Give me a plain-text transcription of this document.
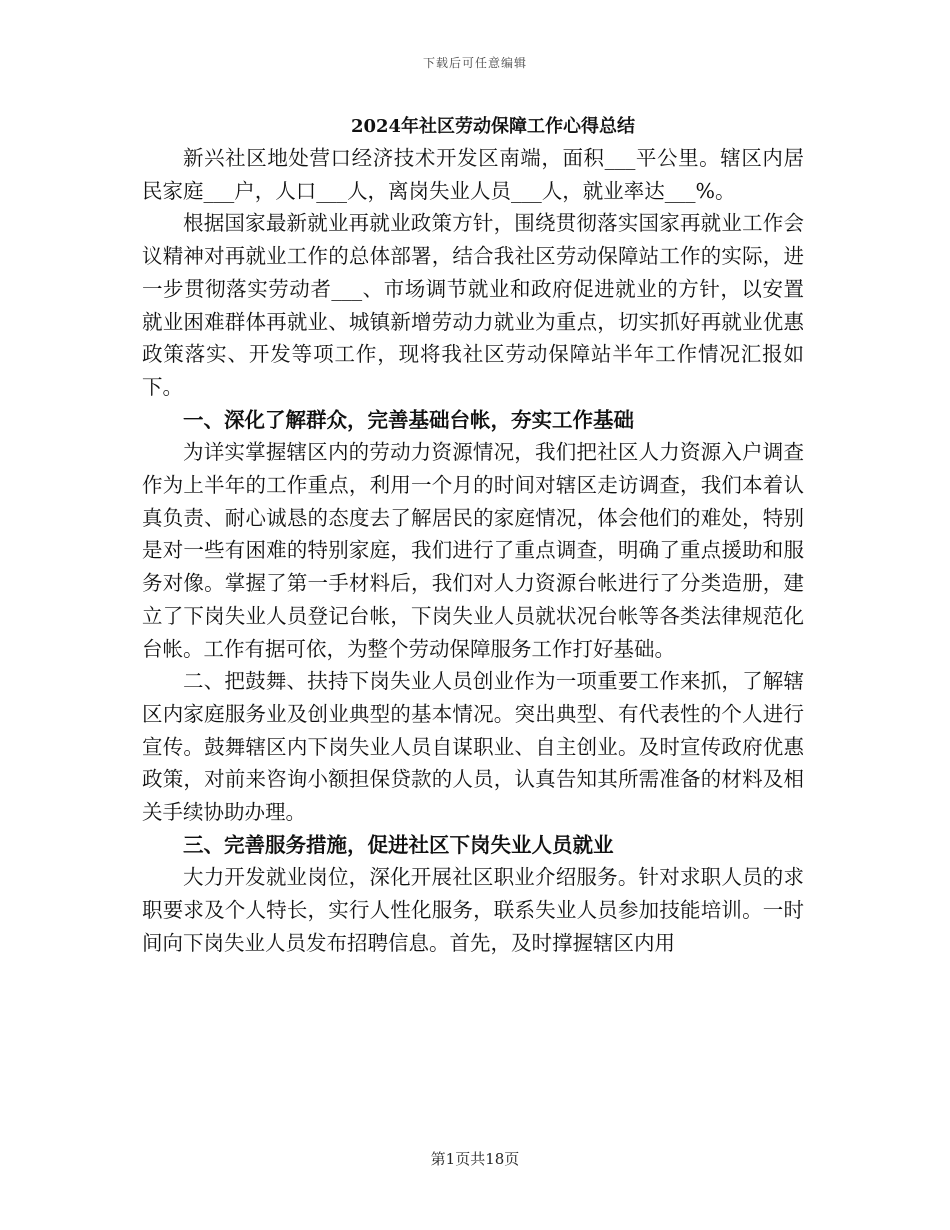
下载后可任意编辑
2024年社区劳动保障工作心得总结

新兴社区地处营口经济技术开发区南端，面积___平公里。辖区内居民家庭___户，人口___人，离岗失业人员___人，就业率达___%。

根据国家最新就业再就业政策方针，围绕贯彻落实国家再就业工作会议精神对再就业工作的总体部署，结合我社区劳动保障站工作的实际，进一步贯彻落实劳动者___、市场调节就业和政府促进就业的方针，以安置就业困难群体再就业、城镇新增劳动力就业为重点，切实抓好再就业优惠政策落实、开发等项工作，现将我社区劳动保障站半年工作情况汇报如下。

一、深化了解群众，完善基础台帐，夯实工作基础

为详实掌握辖区内的劳动力资源情况，我们把社区人力资源入户调查作为上半年的工作重点，利用一个月的时间对辖区走访调查，我们本着认真负责、耐心诚恳的态度去了解居民的家庭情况，体会他们的难处，特别是对一些有困难的特别家庭，我们进行了重点调查，明确了重点援助和服务对像。掌握了第一手材料后，我们对人力资源台帐进行了分类造册，建立了下岗失业人员登记台帐，下岗失业人员就状况台帐等各类法律规范化台帐。工作有据可依，为整个劳动保障服务工作打好基础。

二、把鼓舞、扶持下岗失业人员创业作为一项重要工作来抓，了解辖区内家庭服务业及创业典型的基本情况。突出典型、有代表性的个人进行宣传。鼓舞辖区内下岗失业人员自谋职业、自主创业。及时宣传政府优惠政策，对前来咨询小额担保贷款的人员，认真告知其所需准备的材料及相关手续协助办理。

三、完善服务措施，促进社区下岗失业人员就业

大力开发就业岗位，深化开展社区职业介绍服务。针对求职人员的求职要求及个人特长，实行人性化服务，联系失业人员参加技能培训。一时间向下岗失业人员发布招聘信息。首先，及时撑握辖区内用

第1页共18页
